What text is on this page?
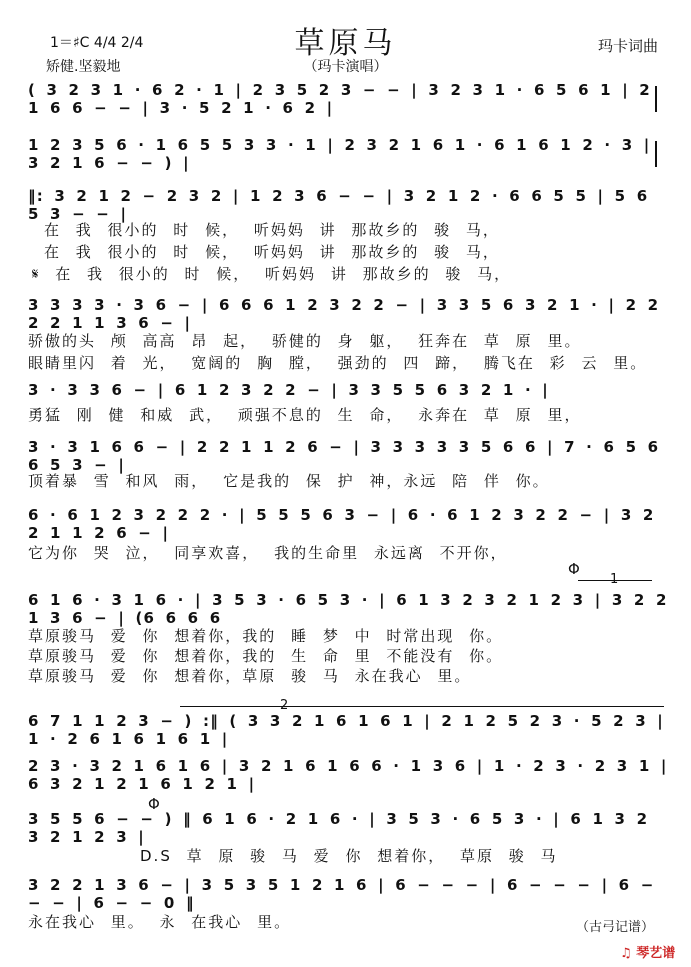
草原马
（玛卡演唱）
1＝♯C 4/4 2/4
矫健.坚毅地
玛卡词曲
( 3 2 3 1 · 6 2 · 1 | 2 3 5 2 3 − − | 3 2 3 1 · 6 5 6 1 | 2 1 6 6 − − | 3 · 5 2 1 · 6 2 |
1 2 3 5 6 · 1 6 5 5 3 3 · 1 | 2 3 2 1 6 1 · 6 1 6 1 2 · 3 | 3 2 1 6 − − ) |
‖: 3 2 1 2 − 2 3 2 | 1 2 3 6 − − | 3 2 1 2 · 6 6 5 5 | 5 6 5 3 − − |
在 我 很小的 时 候， 听妈妈 讲 那故乡的 骏 马，
在 我 很小的 时 候， 听妈妈 讲 那故乡的 骏 马，
𝄋 在 我 很小的 时 候， 听妈妈 讲 那故乡的 骏 马，
3 3 3 3 · 3 6 − | 6 6 6 1 2 3 2 2 − | 3 3 5 6 3 2 1 · | 2 2 2 2 1 1 3 6 − |
骄傲的头 颅 高高 昂 起， 骄健的 身 躯， 狂奔在 草 原 里。
眼睛里闪 着 光， 宽阔的 胸 膛， 强劲的 四 蹄， 腾飞在 彩 云 里。
3 · 3 3 6 − | 6 1 2 3 2 2 − | 3 3 5 5 6 3 2 1 · |
勇猛 刚 健 和威 武， 顽强不息的 生 命， 永奔在 草 原 里，
3 · 3 1 6 6 − | 2 2 1 1 2 6 − | 3 3 3 3 3 5 6 6 | 7 · 6 5 6 6 5 3 − |
顶着暴 雪 和风 雨， 它是我的 保 护 神，永远 陪 伴 你。
6 · 6 1 2 3 2 2 2 · | 5 5 5 6 3 − | 6 · 6 1 2 3 2 2 − | 3 2 2 1 1 2 6 − |
它为你 哭 泣， 同享欢喜， 我的生命里 永远离 不开你，
Φ
1
6 1 6 · 3 1 6 · | 3 5 3 · 6 5 3 · | 6 1 3 2 3 2 1 2 3 | 3 2 2 1 3 6 − | (6 6 6 6
草原骏马 爱 你 想着你，我的 睡 梦 中 时常出现 你。
草原骏马 爱 你 想着你，我的 生 命 里 不能没有 你。
草原骏马 爱 你 想着你，草原 骏 马 永在我心 里。
2
6 7 1 1 2 3 − ) :‖ ( 3 3 2 1 6 1 6 1 | 2 1 2 5 2 3 · 5 2 3 | 1 · 2 6 1 6 1 6 1 |
2 3 · 3 2 1 6 1 6 | 3 2 1 6 1 6 6 · 1 3 6 | 1 · 2 3 · 2 3 1 | 6 3 2 1 2 1 6 1 2 1 |
Φ
3 5 5 6 − − ) ‖ 6 1 6 · 2 1 6 · | 3 5 3 · 6 5 3 · | 6 1 3 2 3 2 1 2 3 |
D.S 草 原 骏 马 爱 你 想着你， 草原 骏 马
3 2 2 1 3 6 − | 3 5 3 5 1 2 1 6 | 6 − − − | 6 − − − | 6 − − − | 6 − − 0 ‖
永在我心 里。 永 在我心 里。	（古弓记谱）
♫ 琴艺谱
